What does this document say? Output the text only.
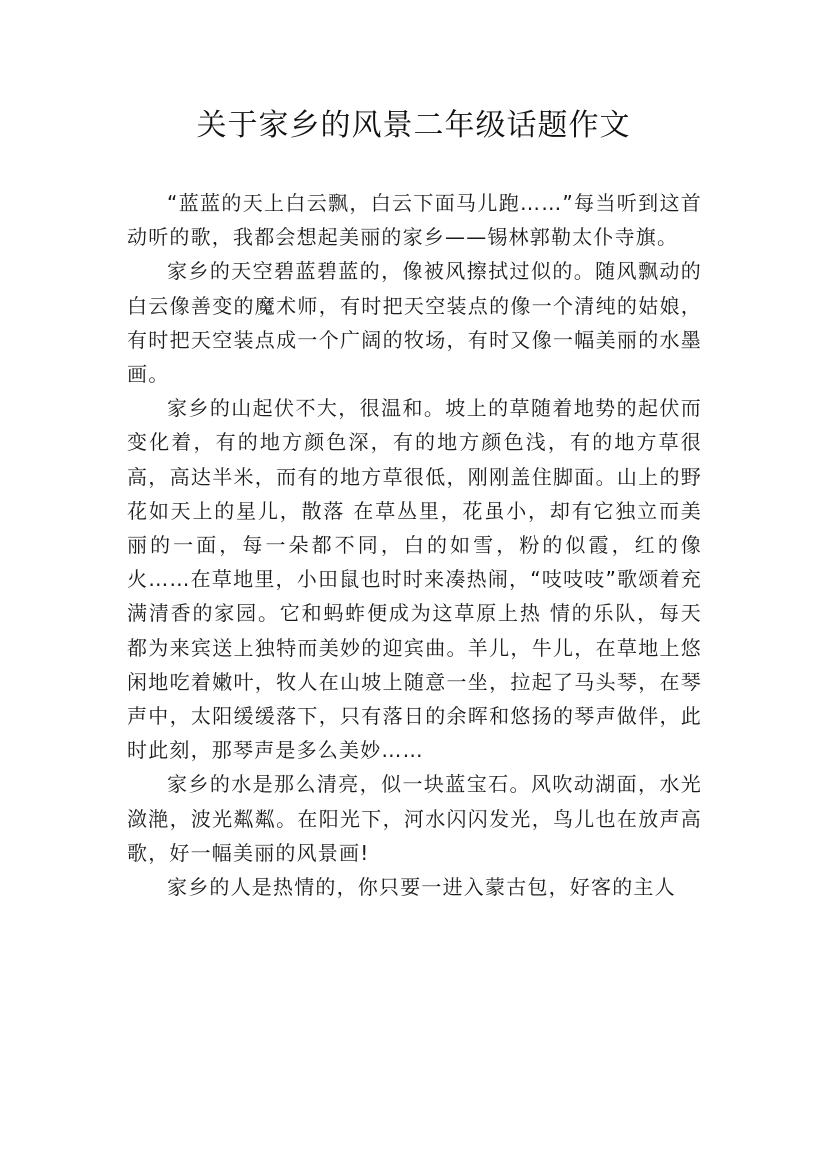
关于家乡的风景二年级话题作文

“蓝蓝的天上白云飘，白云下面马儿跑……”每当听到这首动听的歌，我都会想起美丽的家乡——锡林郭勒太仆寺旗。

家乡的天空碧蓝碧蓝的，像被风擦拭过似的。随风飘动的白云像善变的魔术师，有时把天空装点的像一个清纯的姑娘，有时把天空装点成一个广阔的牧场，有时又像一幅美丽的水墨画。

家乡的山起伏不大，很温和。坡上的草随着地势的起伏而变化着，有的地方颜色深，有的地方颜色浅，有的地方草很高，高达半米，而有的地方草很低，刚刚盖住脚面。山上的野花如天上的星儿，散落 在草丛里，花虽小，却有它独立而美丽的一面，每一朵都不同，白的如雪，粉的似霞，红的像火……在草地里，小田鼠也时时来凑热闹，“吱吱吱”歌颂着充满清香的家园。它和蚂蚱便成为这草原上热 情的乐队，每天都为来宾送上独特而美妙的迎宾曲。羊儿，牛儿，在草地上悠闲地吃着嫩叶，牧人在山坡上随意一坐，拉起了马头琴，在琴声中，太阳缓缓落下，只有落日的余晖和悠扬的琴声做伴，此 时此刻，那琴声是多么美妙……

家乡的水是那么清亮，似一块蓝宝石。风吹动湖面，水光潋滟，波光粼粼。在阳光下，河水闪闪发光，鸟儿也在放声高歌，好一幅美丽的风景画!

家乡的人是热情的，你只要一进入蒙古包，好客的主人
